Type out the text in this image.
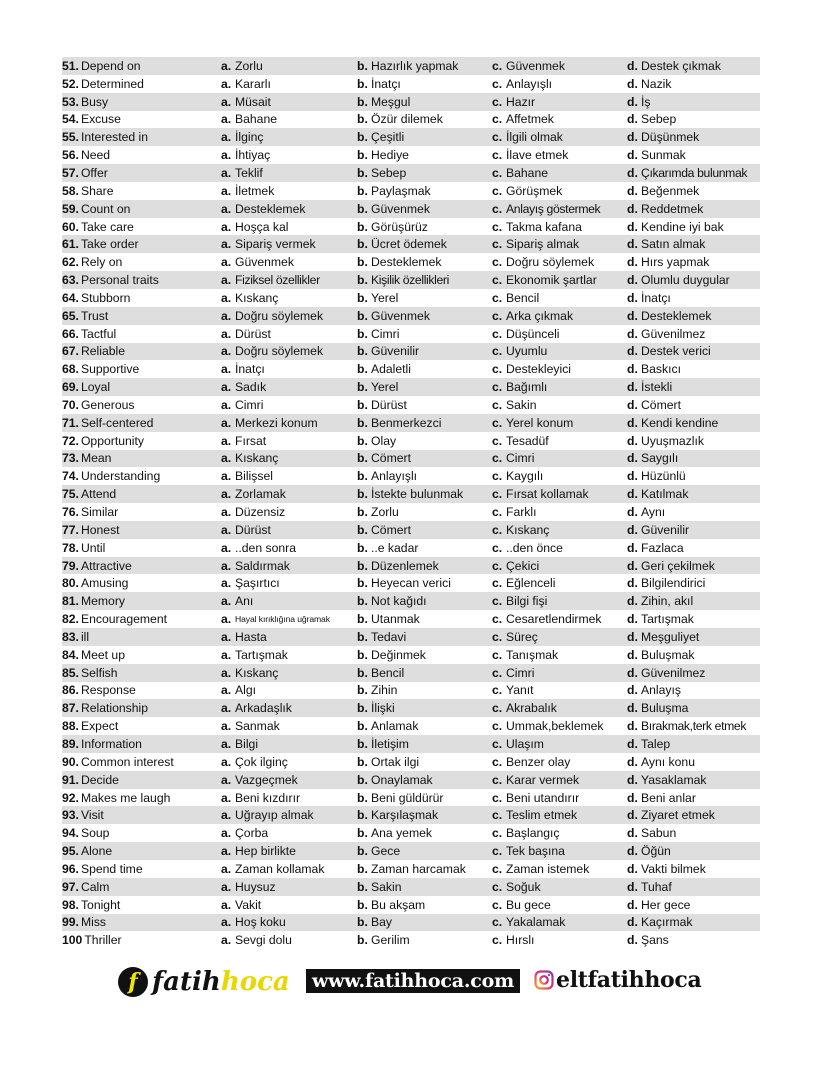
51. Depend on	a. Zorlu	b. Hazırlık yapmak	c. Güvenmek	d. Destek çıkmak
52. Determined	a. Kararlı	b. İnatçı	c. Anlayışlı	d. Nazik
53. Busy	a. Müsait	b. Meşgul	c. Hazır	d. İş
54. Excuse	a. Bahane	b. Özür dilemek	c. Affetmek	d. Sebep
55. Interested in	a. İlginç	b. Çeşitli	c. İlgili olmak	d. Düşünmek
56. Need	a. İhtiyaç	b. Hediye	c. İlave etmek	d. Sunmak
57. Offer	a. Teklif	b. Sebep	c. Bahane	d. Çıkarımda bulunmak
58. Share	a. İletmek	b. Paylaşmak	c. Görüşmek	d. Beğenmek
59. Count on	a. Desteklemek	b. Güvenmek	c. Anlayış göstermek d. Reddetmek
60. Take care	a. Hoşça kal	b. Görüşürüz	c. Takma kafana	d. Kendine iyi bak
61. Take order	a. Sipariş vermek	b. Ücret ödemek	c. Sipariş almak	d. Satın almak
62. Rely on	a. Güvenmek	b. Desteklemek	c. Doğru söylemek	d. Hırs yapmak
63. Personal traits	a. Fiziksel özellikler	b. Kişilik özellikleri	c. Ekonomik şartlar d. Olumlu duygular
64. Stubborn	a. Kıskanç	b. Yerel	c. Bencil	d. İnatçı
65. Trust	a. Doğru söylemek	b. Güvenmek	c. Arka çıkmak	d. Desteklemek
66. Tactful	a. Dürüst	b. Cimri	c. Düşünceli	d. Güvenilmez
67. Reliable	a. Doğru söylemek	b. Güvenilir	c. Uyumlu	d. Destek verici
68. Supportive	a. İnatçı	b. Adaletli	c. Destekleyici	d. Baskıcı
69. Loyal	a. Sadık	b. Yerel	c. Bağımlı	d. İstekli
70. Generous	a. Cimri	b. Dürüst	c. Sakin	d. Cömert
71. Self-centered	a. Merkezi konum	b. Benmerkezci	c. Yerel konum	d. Kendi kendine
72. Opportunity	a. Fırsat	b. Olay	c. Tesadüf	d. Uyuşmazlık
73. Mean	a. Kıskanç	b. Cömert	c. Cimri	d. Saygılı
74. Understanding	a. Bilişsel	b. Anlayışlı	c. Kaygılı	d. Hüzünlü
75. Attend	a. Zorlamak	b. İstekte bulunmak c. Fırsat kollamak	d. Katılmak
76. Similar	a. Düzensiz	b. Zorlu	c. Farklı	d. Aynı
77. Honest	a. Dürüst	b. Cömert	c. Kıskanç	d. Güvenilir
78. Until	a. ..den sonra	b. ..e kadar	c. ..den önce	d. Fazlaca
79. Attractive	a. Saldırmak	b. Düzenlemek	c. Çekici	d. Geri çekilmek
80. Amusing	a. Şaşırtıcı	b. Heyecan verici	c. Eğlenceli	d. Bilgilendirici
81. Memory	a. Anı	b. Not kağıdı	c. Bilgi fişi	d. Zihin, akıl
82. Encouragement	a. Hayal kırıklığına uğramak b. Utanmak	c. Cesaretlendirmek d. Tartışmak
83. ill	a. Hasta	b. Tedavi	c. Süreç	d. Meşguliyet
84. Meet up	a. Tartışmak	b. Değinmek	c. Tanışmak	d. Buluşmak
85. Selfish	a. Kıskanç	b. Bencil	c. Cimri	d. Güvenilmez
86. Response	a. Algı	b. Zihin	c. Yanıt	d. Anlayış
87. Relationship	a. Arkadaşlık	b. İlişki	c. Akrabalık	d. Buluşma
88. Expect	a. Sanmak	b. Anlamak	c. Ummak,beklemek d. Bırakmak,terk etmek
89. Information	a. Bilgi	b. İletişim	c. Ulaşım	d. Talep
90. Common interest	a. Çok ilginç	b. Ortak ilgi	c. Benzer olay	d. Aynı konu
91. Decide	a. Vazgeçmek	b. Onaylamak	c. Karar vermek	d. Yasaklamak
92. Makes me laugh	a. Beni kızdırır	b. Beni güldürür	c. Beni utandırır	d. Beni anlar
93. Visit	a. Uğrayıp almak	b. Karşılaşmak	c. Teslim etmek	d. Ziyaret etmek
94. Soup	a. Çorba	b. Ana yemek	c. Başlangıç	d. Sabun
95. Alone	a. Hep birlikte	b. Gece	c. Tek başına	d. Öğün
96. Spend time	a. Zaman kollamak	b. Zaman harcamak c. Zaman istemek	d. Vakti bilmek
97. Calm	a. Huysuz	b. Sakin	c. Soğuk	d. Tuhaf
98. Tonight	a. Vakit	b. Bu akşam	c. Bu gece	d. Her gece
99. Miss	a. Hoş koku	b. Bay	c. Yakalamak	d. Kaçırmak
100 Thriller	a. Sevgi dolu	b. Gerilim	c. Hırslı	d. Şans
f fatihhoca	www.fatihhoca.com eltfatihhoca
